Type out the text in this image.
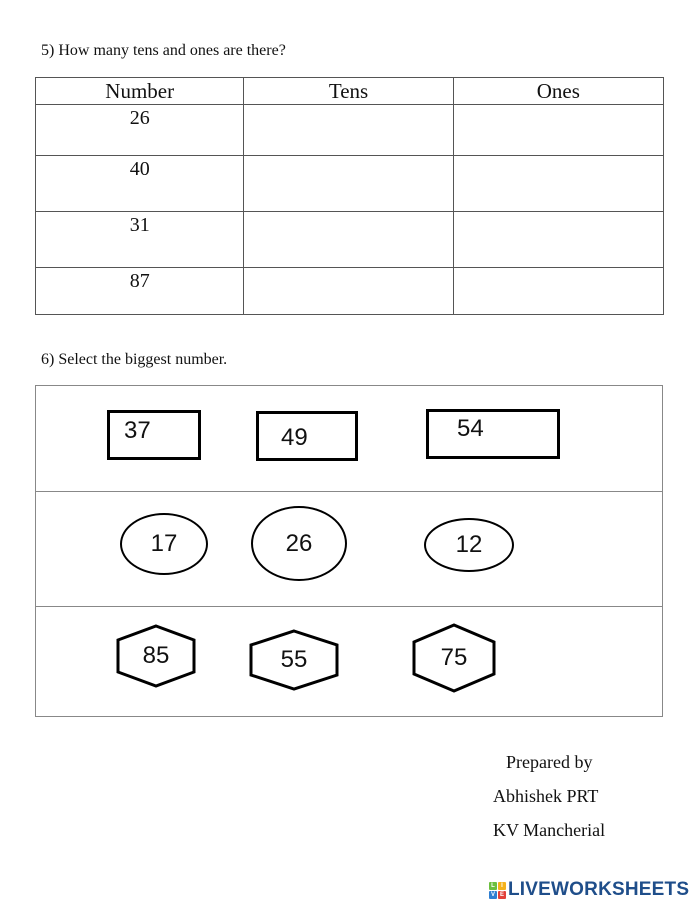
5) How many tens and ones are there?
Number	Tens	Ones
26		
40		
31		
87		
6) Select the biggest number.
37	49	54
17	26	12
85	55	75
Prepared by
Abhishek PRT
KV Mancherial
L	I
V E LIVEWORKSHEETS
